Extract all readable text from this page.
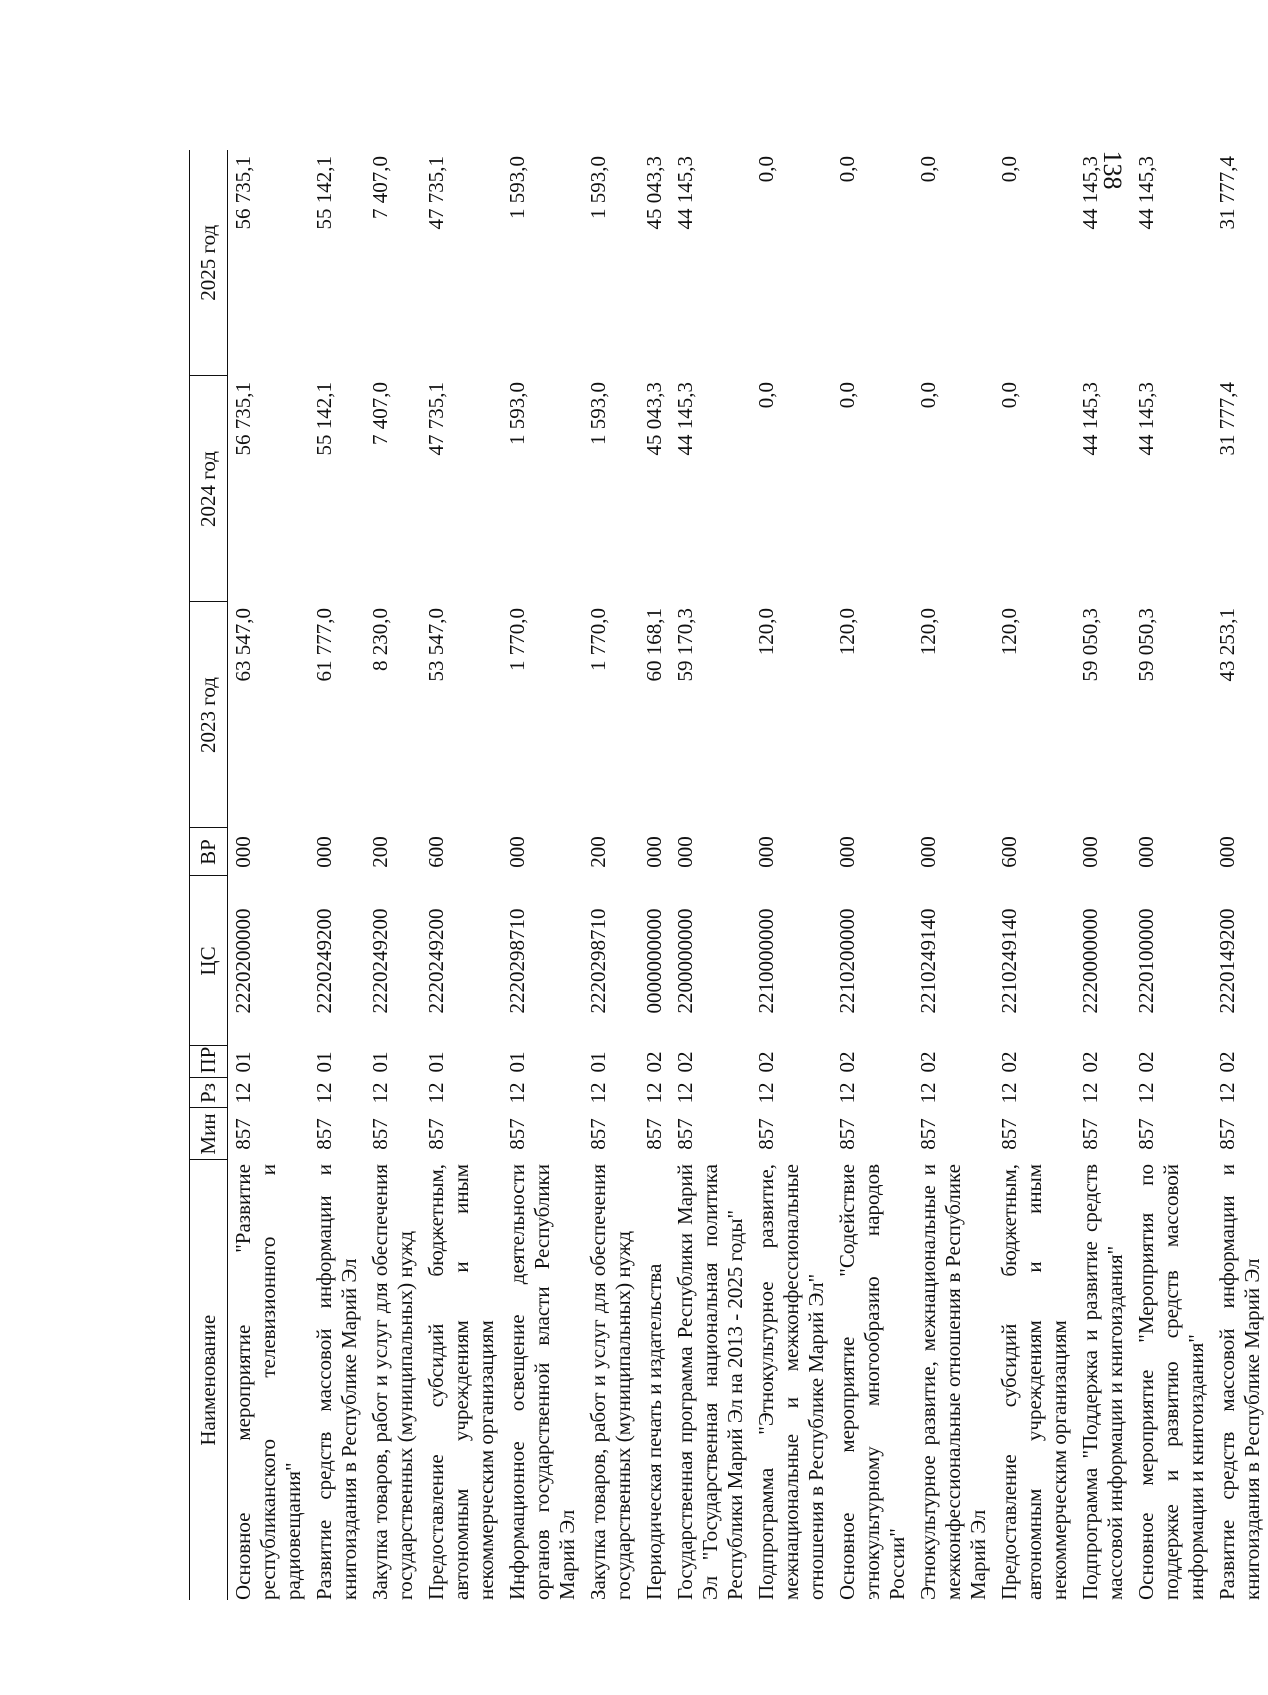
138
Наименование	Мин	Рз	ПР	ЦС	ВР	2023 год	2024 год	2025 год
Основное мероприятие "Развитие республиканского телевизионного и радиовещания"	857	12	01	2220200000	000	63 547,0	56 735,1	56 735,1
Развитие средств массовой информации и книгоиздания в Республике Марий Эл	857	12	01	2220249200	000	61 777,0	55 142,1	55 142,1
Закупка товаров, работ и услуг для обеспечения государственных (муниципальных) нужд	857	12	01	2220249200	200	8 230,0	7 407,0	7 407,0
Предоставление субсидий бюджетным, автономным учреждениям и иным некоммерческим организациям	857	12	01	2220249200	600	53 547,0	47 735,1	47 735,1
Информационное освещение деятельности органов государственной власти Республики Марий Эл	857	12	01	2220298710	000	1 770,0	1 593,0	1 593,0
Закупка товаров, работ и услуг для обеспечения государственных (муниципальных) нужд	857	12	01	2220298710	200	1 770,0	1 593,0	1 593,0
Периодическая печать и издательства	857	12	02	0000000000	000	60 168,1	45 043,3	45 043,3
Государственная программа Республики Марий Эл "Государственная национальная политика Республики Марий Эл на 2013 - 2025 годы"	857	12	02	2200000000	000	59 170,3	44 145,3	44 145,3
Подпрограмма "Этнокультурное развитие, межнациональные и межконфессиональные отношения в Республике Марий Эл"	857	12	02	2210000000	000	120,0	0,0	0,0
Основное мероприятие "Содействие этнокультурному многообразию народов России"	857	12	02	2210200000	000	120,0	0,0	0,0
Этнокультурное развитие, межнациональные и межконфессиональные отношения в Республике Марий Эл	857	12	02	2210249140	000	120,0	0,0	0,0
Предоставление субсидий бюджетным, автономным учреждениям и иным некоммерческим организациям	857	12	02	2210249140	600	120,0	0,0	0,0
Подпрограмма "Поддержка и развитие средств массовой информации и книгоиздания"	857	12	02	2220000000	000	59 050,3	44 145,3	44 145,3
Основное мероприятие "Мероприятия по поддержке и развитию средств массовой информации и книгоиздания"	857	12	02	2220100000	000	59 050,3	44 145,3	44 145,3
Развитие средств массовой информации и книгоиздания в Республике Марий Эл	857	12	02	2220149200	000	43 253,1	31 777,4	31 777,4
